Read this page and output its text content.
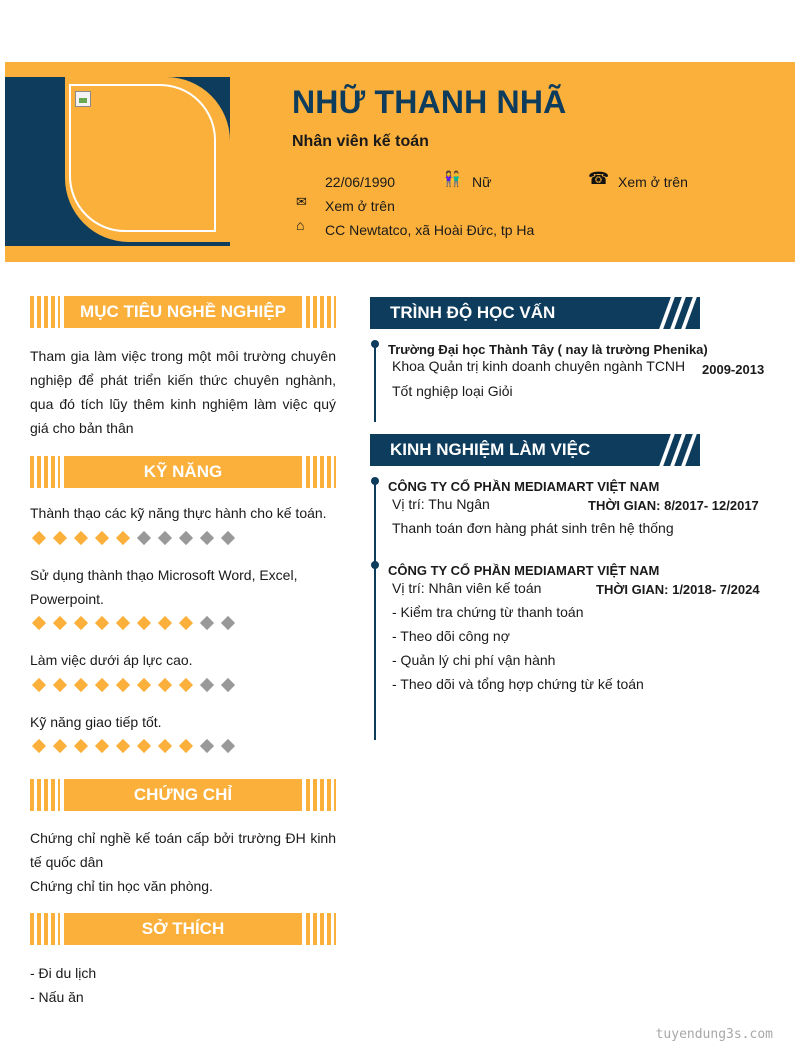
NHỮ THANH NHÃ
Nhân viên kế toán
22/06/1990	👫 Nữ	☎ Xem ở trên
✉ Xem ở trên
⌂ CC Newtatco, xã Hoài Đức, tp Ha
MỤC TIÊU NGHỀ NGHIỆP
Tham gia làm việc trong một môi trường chuyên nghiệp để phát triển kiến thức chuyên nghành, qua đó tích lũy thêm kinh nghiệm làm việc quý giá cho bản thân
KỸ NĂNG
Thành thạo các kỹ năng thực hành cho kế toán.
Sử dụng thành thạo Microsoft Word, Excel, Powerpoint.
Làm việc dưới áp lực cao.
Kỹ năng giao tiếp tốt.
CHỨNG CHỈ
Chứng chỉ nghề kế toán cấp bởi trường ĐH kinh tế quốc dân
Chứng chỉ tin học văn phòng.
SỞ THÍCH
- Đi du lịch
- Nấu ăn
TRÌNH ĐỘ HỌC VẤN
Trường Đại học Thành Tây ( nay là trường Phenika)
Khoa Quản trị kinh doanh chuyên ngành TCNH 2009-2013
Tốt nghiệp loại Giỏi
KINH NGHIỆM LÀM VIỆC
CÔNG TY CỔ PHẦN MEDIAMART VIỆT NAM
Vị trí: Thu Ngân	THỜI GIAN: 8/2017- 12/2017
Thanh toán đơn hàng phát sinh trên hệ thống
CÔNG TY CỔ PHẦN MEDIAMART VIỆT NAM
Vị trí: Nhân viên kế toán	THỜI GIAN: 1/2018- 7/2024
- Kiểm tra chứng từ thanh toán
- Theo dõi công nợ
- Quản lý chi phí vận hành
- Theo dõi và tổng hợp chứng từ kế toán
tuyendung3s.com
